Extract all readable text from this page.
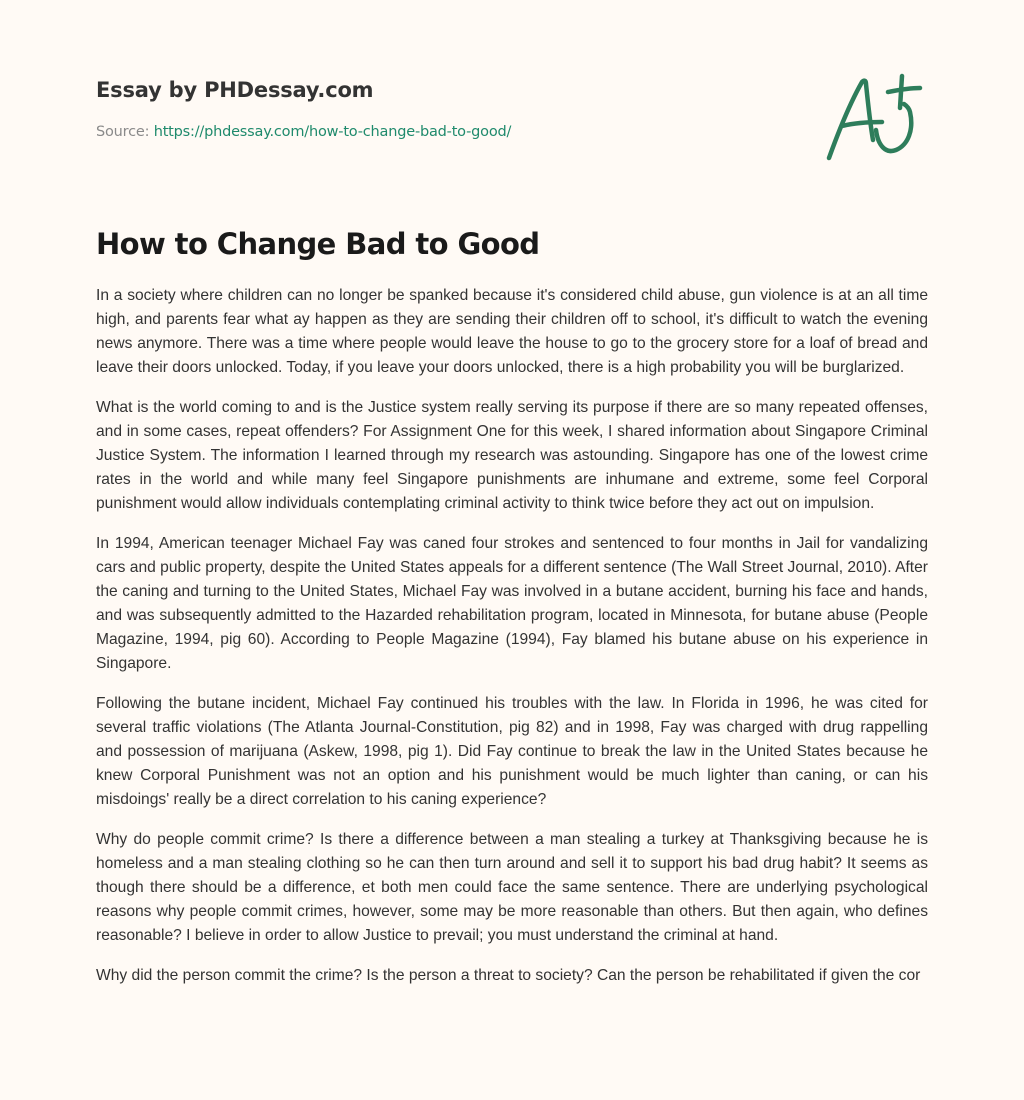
Essay by PHDessay.com
Source: https://phdessay.com/how-to-change-bad-to-good/
How to Change Bad to Good

In a society where children can no longer be spanked because it's considered child abuse, gun violence is at an all time high, and parents fear what ay happen as they are sending their children off to school, it's difficult to watch the evening news anymore. There was a time where people would leave the house to go to the grocery store for a loaf of bread and leave their doors unlocked. Today, if you leave your doors unlocked, there is a high probability you will be burglarized.

What is the world coming to and is the Justice system really serving its purpose if there are so many repeated offenses, and in some cases, repeat offenders? For Assignment One for this week, I shared information about Singapore Criminal Justice System. The information I learned through my research was astounding. Singapore has one of the lowest crime rates in the world and while many feel Singapore punishments are inhumane and extreme, some feel Corporal punishment would allow individuals contemplating criminal activity to think twice before they act out on impulsion.

In 1994, American teenager Michael Fay was caned four strokes and sentenced to four months in Jail for vandalizing cars and public property, despite the United States appeals for a different sentence (The Wall Street Journal, 2010). After the caning and turning to the United States, Michael Fay was involved in a butane accident, burning his face and hands, and was subsequently admitted to the Hazarded rehabilitation program, located in Minnesota, for butane abuse (People Magazine, 1994, pig 60). According to People Magazine (1994), Fay blamed his butane abuse on his experience in Singapore.

Following the butane incident, Michael Fay continued his troubles with the law. In Florida in 1996, he was cited for several traffic violations (The Atlanta Journal-Constitution, pig 82) and in 1998, Fay was charged with drug rappelling and possession of marijuana (Askew, 1998, pig 1). Did Fay continue to break the law in the United States because he knew Corporal Punishment was not an option and his punishment would be much lighter than caning, or can his misdoings' really be a direct correlation to his caning experience?

Why do people commit crime? Is there a difference between a man stealing a turkey at Thanksgiving because he is homeless and a man stealing clothing so he can then turn around and sell it to support his bad drug habit? It seems as though there should be a difference, et both men could face the same sentence. There are underlying psychological reasons why people commit crimes, however, some may be more reasonable than others. But then again, who defines reasonable? I believe in order to allow Justice to prevail; you must understand the criminal at hand.

Why did the person commit the crime? Is the person a threat to society? Can the person be rehabilitated if given the cor
